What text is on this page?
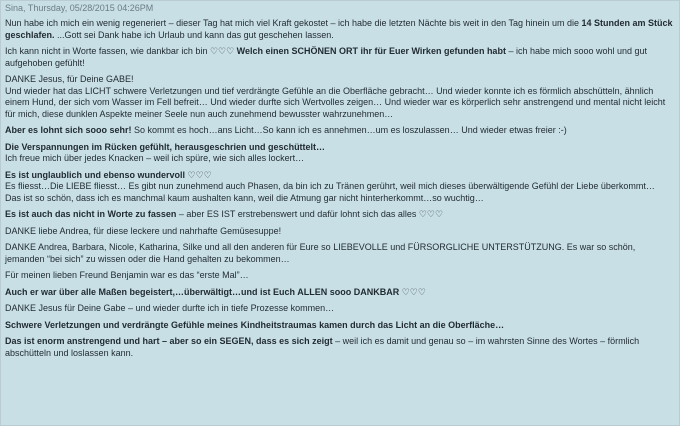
Sina, Thursday, 05/28/2015 04:26PM

Nun habe ich mich ein wenig regeneriert – dieser Tag hat mich viel Kraft gekostet – ich habe die letzten Nächte bis weit in den Tag hinein um die 14 Stunden am Stück geschlafen. ...Gott sei Dank habe ich Urlaub und kann das gut geschehen lassen.

Ich kann nicht in Worte fassen, wie dankbar ich bin ♡♡♡ Welch einen SCHÖNEN ORT ihr für Euer Wirken gefunden habt – ich habe mich sooo wohl und gut aufgehoben gefühlt!

DANKE Jesus, für Deine GABE!
Und wieder hat das LICHT schwere Verletzungen und tief verdrängte Gefühle an die Oberfläche gebracht… Und wieder konnte ich es förmlich abschütteln, ähnlich einem Hund, der sich vom Wasser im Fell befreit… Und wieder durfte sich Wertvolles zeigen… Und wieder war es körperlich sehr anstrengend und mental nicht leicht für mich, diese dunklen Aspekte meiner Seele nun auch zunehmend bewusster wahrzunehmen…

Aber es lohnt sich sooo sehr! So kommt es hoch…ans Licht…So kann ich es annehmen…um es loszulassen… Und wieder etwas freier :-)

Die Verspannungen im Rücken gefühlt, herausgeschrien und geschüttelt…
Ich freue mich über jedes Knacken – weil ich spüre, wie sich alles lockert…

Es ist unglaublich und ebenso wundervoll ♡♡♡
Es fliesst…Die LIEBE fliesst… Es gibt nun zunehmend auch Phasen, da bin ich zu Tränen gerührt, weil mich dieses überwältigende Gefühl der Liebe überkommt… Das ist so schön, dass ich es manchmal kaum aushalten kann, weil die Atmung gar nicht hinterherkommt…so wuchtig…

Es ist auch das nicht in Worte zu fassen – aber ES IST erstrebenswert und dafür lohnt sich das alles ♡♡♡

DANKE liebe Andrea, für diese leckere und nahrhafte Gemüsesuppe!

DANKE Andrea, Barbara, Nicole, Katharina, Silke und all den anderen für Eure so LIEBEVOLLE und FÜRSORGLICHE UNTERSTÜTZUNG. Es war so schön, jemanden “bei sich” zu wissen oder die Hand gehalten zu bekommen…

Für meinen lieben Freund Benjamin war es das “erste Mal”…

Auch er war über alle Maßen begeistert,…überwältigt…und ist Euch ALLEN sooo DANKBAR ♡♡♡

DANKE Jesus für Deine Gabe – und wieder durfte ich in tiefe Prozesse kommen…

Schwere Verletzungen und verdrängte Gefühle meines Kindheitstraumas kamen durch das Licht an die Oberfläche…

Das ist enorm anstrengend und hart – aber so ein SEGEN, dass es sich zeigt – weil ich es damit und genau so – im wahrsten Sinne des Wortes – förmlich abschütteln und loslassen kann.
